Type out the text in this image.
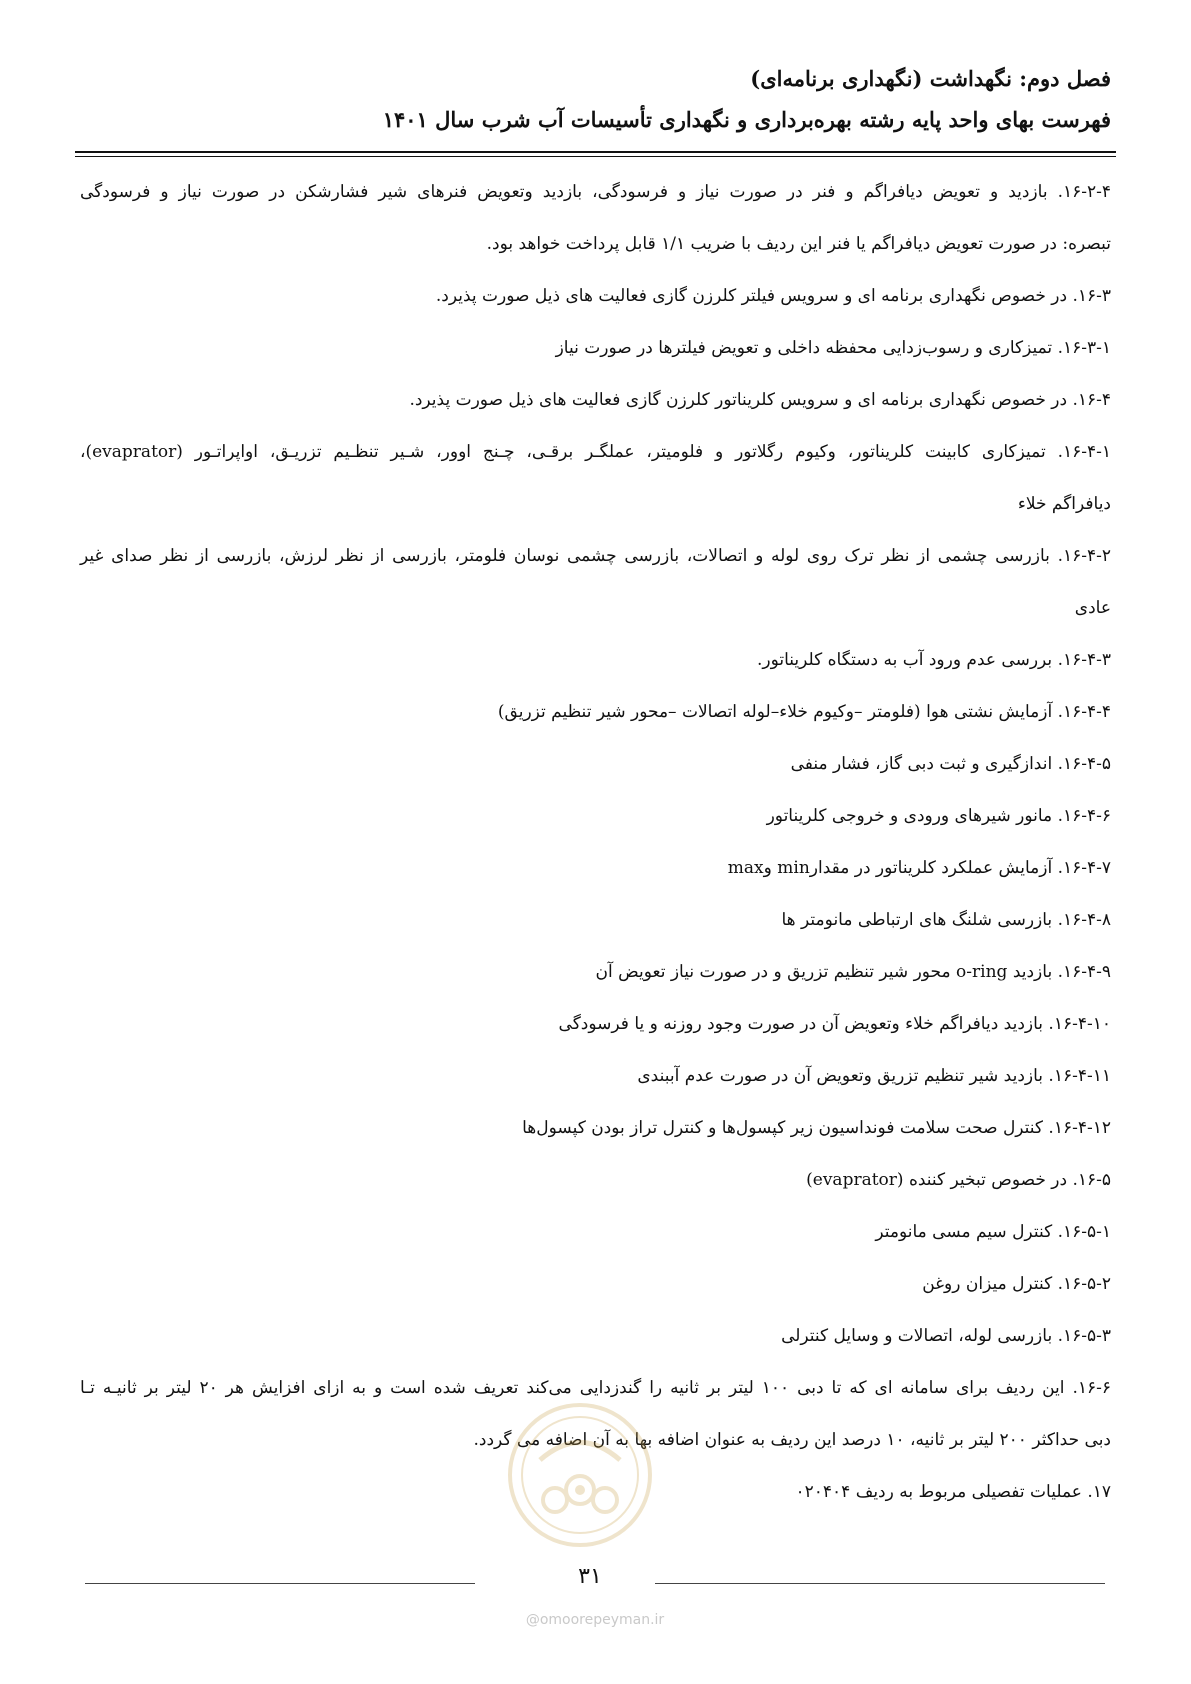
فصل دوم: نگهداشت (نگهداری برنامه‌ای)

فهرست بهای واحد پایه رشته بهره‌برداری و نگهداری تأسیسات آب شرب سال ۱۴۰۱

۱۶-۲-۴. بازدید و تعویض دیافراگم و فنر در صورت نیاز و فرسودگی، بازدید وتعویض فنرهای شیر فشارشکن در صورت نیاز و فرسودگی

تبصره: در صورت تعویض دیافراگم یا فنر این ردیف با ضریب ۱/۱ قابل پرداخت خواهد بود.

۱۶-۳. در خصوص نگهداری برنامه ای و سرویس فیلتر کلرزن گازی فعالیت های ذیل صورت پذیرد.

۱۶-۳-۱. تمیزکاری و رسوب‌زدایی محفظه داخلی و تعویض فیلترها در صورت نیاز

۱۶-۴. در خصوص نگهداری برنامه ای و سرویس کلریناتور کلرزن گازی فعالیت های ذیل صورت پذیرد.

۱۶-۴-۱. تمیزکاری کابینت کلریناتور، وکیوم رگلاتور و فلومیتر، عملگـر برقـی، چـنج اوور، شـیر تنظـیم تزریـق، اواپراتـور (evaprator)،

دیافراگم خلاء

۱۶-۴-۲. بازرسی چشمی از نظر ترک روی لوله و اتصالات، بازرسی چشمی نوسان فلومتر، بازرسی از نظر لرزش، بازرسی از نظر صدای غیر

عادی

۱۶-۴-۳. بررسی عدم ورود آب به دستگاه کلریناتور.

۱۶-۴-۴. آزمایش نشتی هوا (فلومتر –وکیوم خلاء–لوله اتصالات –محور شیر تنظیم تزریق)

۱۶-۴-۵. اندازگیری و ثبت دبی گاز، فشار منفی

۱۶-۴-۶. مانور شیرهای ورودی و خروجی کلریناتور

۱۶-۴-۷. آزمایش عملکرد کلریناتور در مقدارmin وmax

۱۶-۴-۸. بازرسی شلنگ های ارتباطی مانومتر ها

۱۶-۴-۹. بازدید o-ring محور شیر تنظیم تزریق و در صورت نیاز تعویض آن

۱۶-۴-۱۰. بازدید دیافراگم خلاء وتعویض آن در صورت وجود روزنه و یا فرسودگی

۱۶-۴-۱۱. بازدید شیر تنظیم تزریق وتعویض آن در صورت عدم آببندی

۱۶-۴-۱۲. کنترل صحت سلامت فونداسیون زیر کپسول‌ها و کنترل تراز بودن کپسول‌ها

۱۶-۵. در خصوص تبخیر کننده (evaprator)

۱۶-۵-۱. کنترل سیم مسی مانومتر

۱۶-۵-۲. کنترل میزان روغن

۱۶-۵-۳. بازرسی لوله، اتصالات و وسایل کنترلی

۱۶-۶. این ردیف برای سامانه ای که تا دبی ۱۰۰ لیتر بر ثانیه را گندزدایی می‌کند تعریف شده است و به ازای افزایش هر ۲۰ لیتر بر ثانیـه تـا

دبی حداکثر ۲۰۰ لیتر بر ثانیه، ۱۰ درصد این ردیف به عنوان اضافه بها به آن اضافه می گردد.

۱۷. عملیات تفصیلی مربوط به ردیف ۰۲۰۴۰۴

۳۱
@omoorepeyman.ir
